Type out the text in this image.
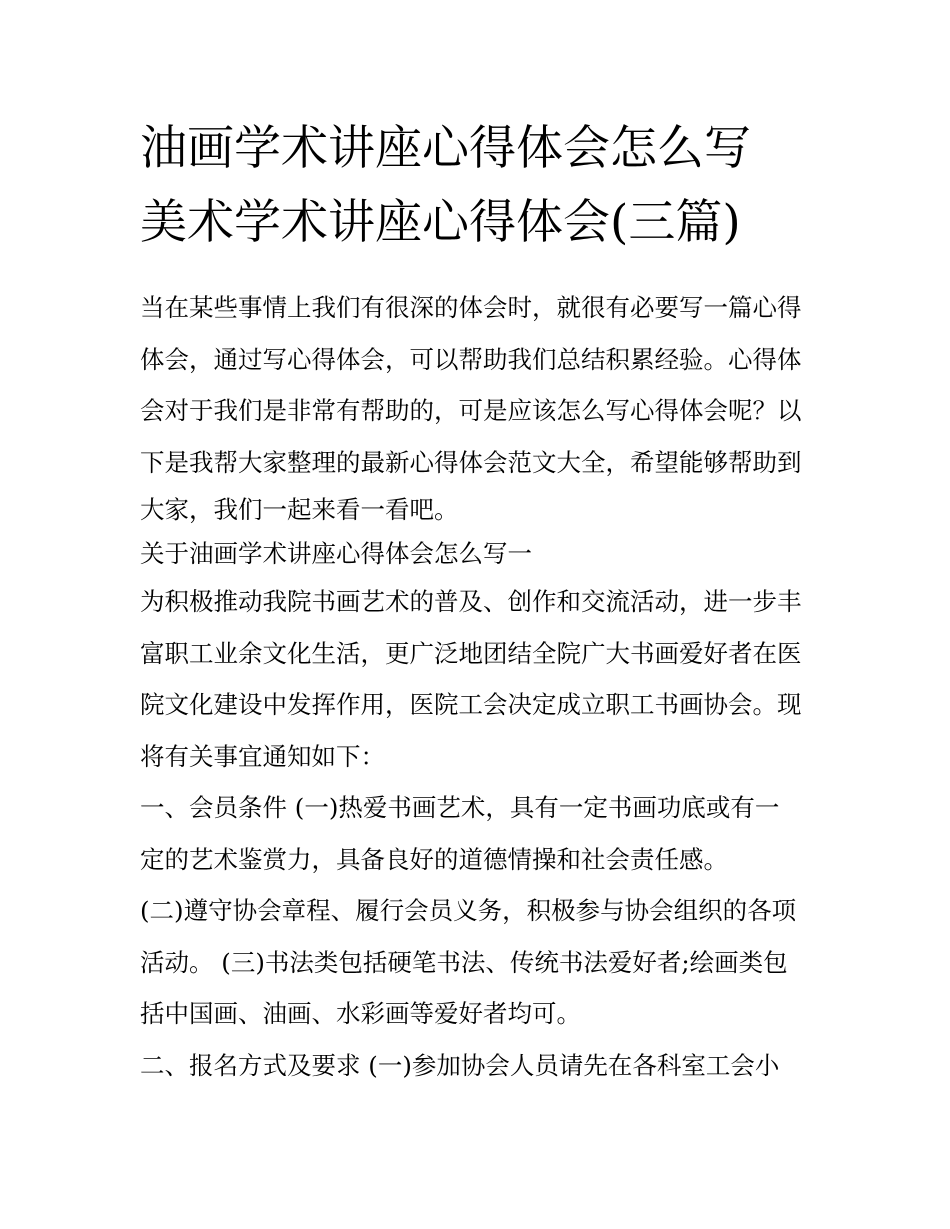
油画学术讲座心得体会怎么写
美术学术讲座心得体会(三篇)
当在某些事情上我们有很深的体会时，就很有必要写一篇心得
体会，通过写心得体会，可以帮助我们总结积累经验。心得体
会对于我们是非常有帮助的，可是应该怎么写心得体会呢？以
下是我帮大家整理的最新心得体会范文大全，希望能够帮助到
大家，我们一起来看一看吧。
关于油画学术讲座心得体会怎么写一
为积极推动我院书画艺术的普及、创作和交流活动，进一步丰
富职工业余文化生活，更广泛地团结全院广大书画爱好者在医
院文化建设中发挥作用，医院工会决定成立职工书画协会。现
将有关事宜通知如下：
一、会员条件 (一)热爱书画艺术，具有一定书画功底或有一
定的艺术鉴赏力，具备良好的道德情操和社会责任感。
(二)遵守协会章程、履行会员义务，积极参与协会组织的各项
活动。 (三)书法类包括硬笔书法、传统书法爱好者;绘画类包
括中国画、油画、水彩画等爱好者均可。
二、报名方式及要求 (一)参加协会人员请先在各科室工会小
